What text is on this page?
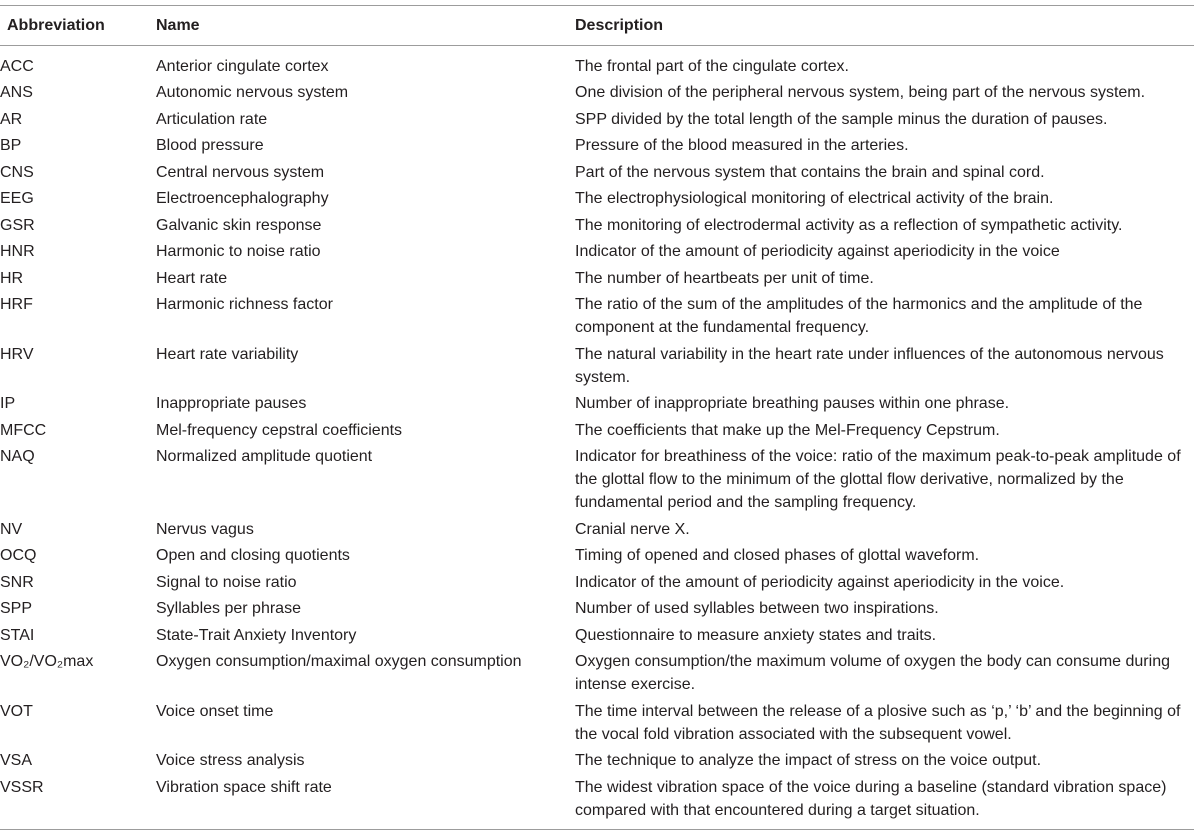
Abbreviation	Name	Description
ACC	Anterior cingulate cortex	The frontal part of the cingulate cortex.
ANS	Autonomic nervous system	One division of the peripheral nervous system, being part of the nervous system.
AR	Articulation rate	SPP divided by the total length of the sample minus the duration of pauses.
BP	Blood pressure	Pressure of the blood measured in the arteries.
CNS	Central nervous system	Part of the nervous system that contains the brain and spinal cord.
EEG	Electroencephalography	The electrophysiological monitoring of electrical activity of the brain.
GSR	Galvanic skin response	The monitoring of electrodermal activity as a reflection of sympathetic activity.
HNR	Harmonic to noise ratio	Indicator of the amount of periodicity against aperiodicity in the voice
HR	Heart rate	The number of heartbeats per unit of time.
HRF	Harmonic richness factor	The ratio of the sum of the amplitudes of the harmonics and the amplitude of the component at the fundamental frequency.
HRV	Heart rate variability	The natural variability in the heart rate under influences of the autonomous nervous system.
IP	Inappropriate pauses	Number of inappropriate breathing pauses within one phrase.
MFCC	Mel-frequency cepstral coefficients	The coefficients that make up the Mel-Frequency Cepstrum.
NAQ	Normalized amplitude quotient	Indicator for breathiness of the voice: ratio of the maximum peak-to-peak amplitude of the glottal flow to the minimum of the glottal flow derivative, normalized by the fundamental period and the sampling frequency.
NV	Nervus vagus	Cranial nerve X.
OCQ	Open and closing quotients	Timing of opened and closed phases of glottal waveform.
SNR	Signal to noise ratio	Indicator of the amount of periodicity against aperiodicity in the voice.
SPP	Syllables per phrase	Number of used syllables between two inspirations.
STAI	State-Trait Anxiety Inventory	Questionnaire to measure anxiety states and traits.
VO₂/VO₂max	Oxygen consumption/maximal oxygen consumption	Oxygen consumption/the maximum volume of oxygen the body can consume during intense exercise.
VOT	Voice onset time	The time interval between the release of a plosive such as ‘p,’ ‘b’ and the beginning of the vocal fold vibration associated with the subsequent vowel.
VSA	Voice stress analysis	The technique to analyze the impact of stress on the voice output.
VSSR	Vibration space shift rate	The widest vibration space of the voice during a baseline (standard vibration space) compared with that encountered during a target situation.
